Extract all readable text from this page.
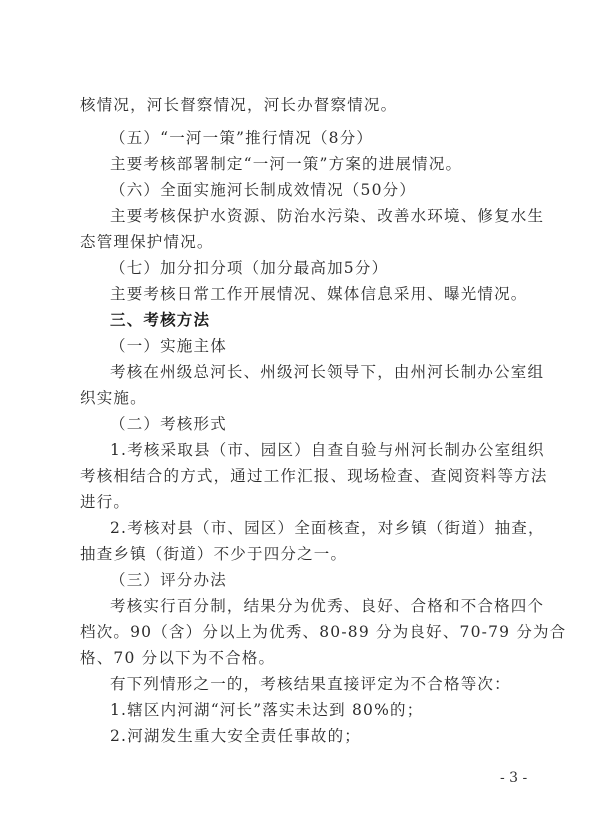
核情况，河长督察情况，河长办督察情况。
（五）“一河一策”推行情况（8分）
主要考核部署制定“一河一策”方案的进展情况。
（六）全面实施河长制成效情况（50分）
主要考核保护水资源、防治水污染、改善水环境、修复水生
态管理保护情况。
（七）加分扣分项（加分最高加5分）
主要考核日常工作开展情况、媒体信息采用、曝光情况。
三、考核方法
（一）实施主体
考核在州级总河长、州级河长领导下，由州河长制办公室组
织实施。
（二）考核形式
1.考核采取县（市、园区）自查自验与州河长制办公室组织
考核相结合的方式，通过工作汇报、现场检查、查阅资料等方法
进行。
2.考核对县（市、园区）全面核查，对乡镇（街道）抽查，
抽查乡镇（街道）不少于四分之一。
（三）评分办法
考核实行百分制，结果分为优秀、良好、合格和不合格四个
档次。90（含）分以上为优秀、80-89 分为良好、70-79 分为合
格、70 分以下为不合格。
有下列情形之一的，考核结果直接评定为不合格等次：
1.辖区内河湖“河长”落实未达到 80%的；
2.河湖发生重大安全责任事故的；
- 3 -
